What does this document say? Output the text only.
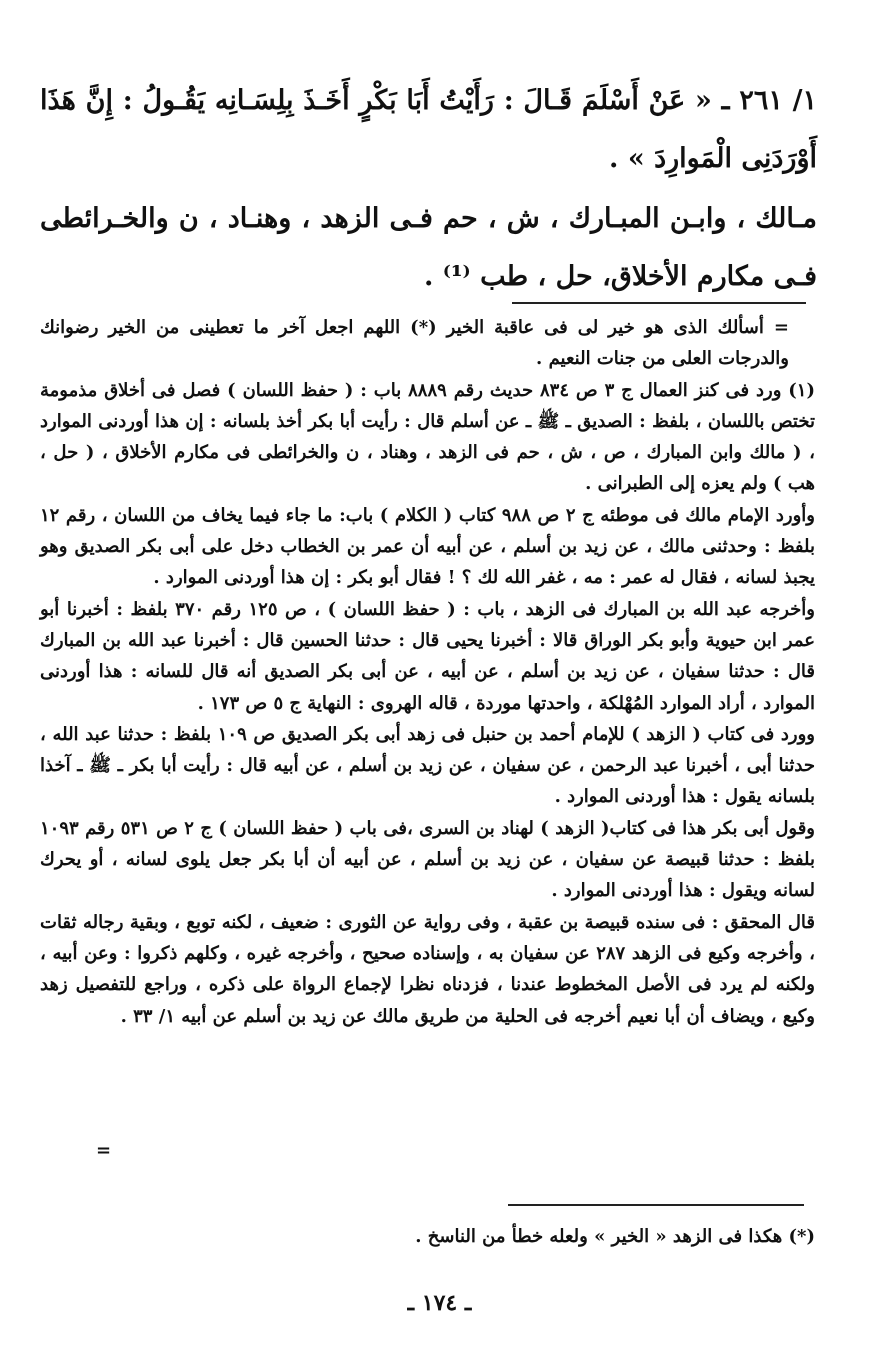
١/ ٢٦١ ـ « عَنْ أَسْلَمَ قَـالَ : رَأَيْتُ أَبَا بَكْرٍ أَخَـذَ بِلِسَـانِه يَقُـولُ : إِنَّ هَذَا أَوْرَدَنِى الْمَوارِدَ » .

مـالك ، وابـن المبـارك ، ش ، حم فـى الزهد ، وهنـاد ، ن والخـرائطى فـى مكارم الأخلاق، حل ، طب ⁽¹⁾ .

= أسألك الذى هو خير لى فى عاقبة الخير (*) اللهم اجعل آخر ما تعطينى من الخير رضوانك والدرجات العلى من جنات النعيم .

(١) ورد فى كنز العمال ج ٣ ص ٨٣٤ حديث رقم ٨٨٨٩ باب : ( حفظ اللسان ) فصل فى أخلاق مذمومة تختص باللسان ، بلفظ : الصديق ـ ﷺ ـ عن أسلم قال : رأيت أبا بكر أخذ بلسانه : إن هذا أوردنى الموارد ، ( مالك وابن المبارك ، ص ، ش ، حم فى الزهد ، وهناد ، ن والخرائطى فى مكارم الأخلاق ، ( حل ، هب ) ولم يعزه إلى الطبرانى .

وأورد الإمام مالك فى موطئه ج ٢ ص ٩٨٨ كتاب ( الكلام ) باب: ما جاء فيما يخاف من اللسان ، رقم ١٢ بلفظ : وحدثنى مالك ، عن زيد بن أسلم ، عن أبيه أن عمر بن الخطاب دخل على أبى بكر الصديق وهو يجبذ لسانه ، فقال له عمر : مه ، غفر الله لك ؟ ! فقال أبو بكر : إن هذا أوردنى الموارد .

وأخرجه عبد الله بن المبارك فى الزهد ، باب : ( حفظ اللسان ) ، ص ١٢٥ رقم ٣٧٠ بلفظ : أخبرنا أبو عمر ابن حيوية وأبو بكر الوراق قالا : أخبرنا يحيى قال : حدثنا الحسين قال : أخبرنا عبد الله بن المبارك قال : حدثنا سفيان ، عن زيد بن أسلم ، عن أبيه ، عن أبى بكر الصديق أنه قال للسانه : هذا أوردنى الموارد ، أراد الموارد المُهْلكة ، واحدتها موردة ، قاله الهروى : النهاية ج ٥ ص ١٧٣ .

وورد فى كتاب ( الزهد ) للإمام أحمد بن حنبل فى زهد أبى بكر الصديق ص ١٠٩ بلفظ : حدثنا عبد الله ، حدثنا أبى ، أخبرنا عبد الرحمن ، عن سفيان ، عن زيد بن أسلم ، عن أبيه قال : رأيت أبا بكر ـ ﷺ ـ آخذا بلسانه يقول : هذا أوردنى الموارد .

وقول أبى بكر هذا فى كتاب( الزهد ) لهناد بن السرى ،فى باب ( حفظ اللسان ) ج ٢ ص ٥٣١ رقم ١٠٩٣ بلفظ : حدثنا قبيصة عن سفيان ، عن زيد بن أسلم ، عن أبيه أن أبا بكر جعل يلوى لسانه ، أو يحرك لسانه ويقول : هذا أوردنى الموارد .

قال المحقق : فى سنده قبيصة بن عقبة ، وفى رواية عن الثورى : ضعيف ، لكنه توبع ، وبقية رجاله ثقات ، وأخرجه وكيع فى الزهد ٢٨٧ عن سفيان به ، وإسناده صحيح ، وأخرجه غيره ، وكلهم ذكروا : وعن أبيه ، ولكنه لم يرد فى الأصل المخطوط عندنا ، فزدناه نظرا لإجماع الرواة على ذكره ، وراجع للتفصيل زهد وكيع ، ويضاف أن أبا نعيم أخرجه فى الحلية من طريق مالك عن زيد بن أسلم عن أبيه ١/ ٣٣ .

=
(*) هكذا فى الزهد « الخير » ولعله خطأ من الناسخ .
ـ ١٧٤ ـ
